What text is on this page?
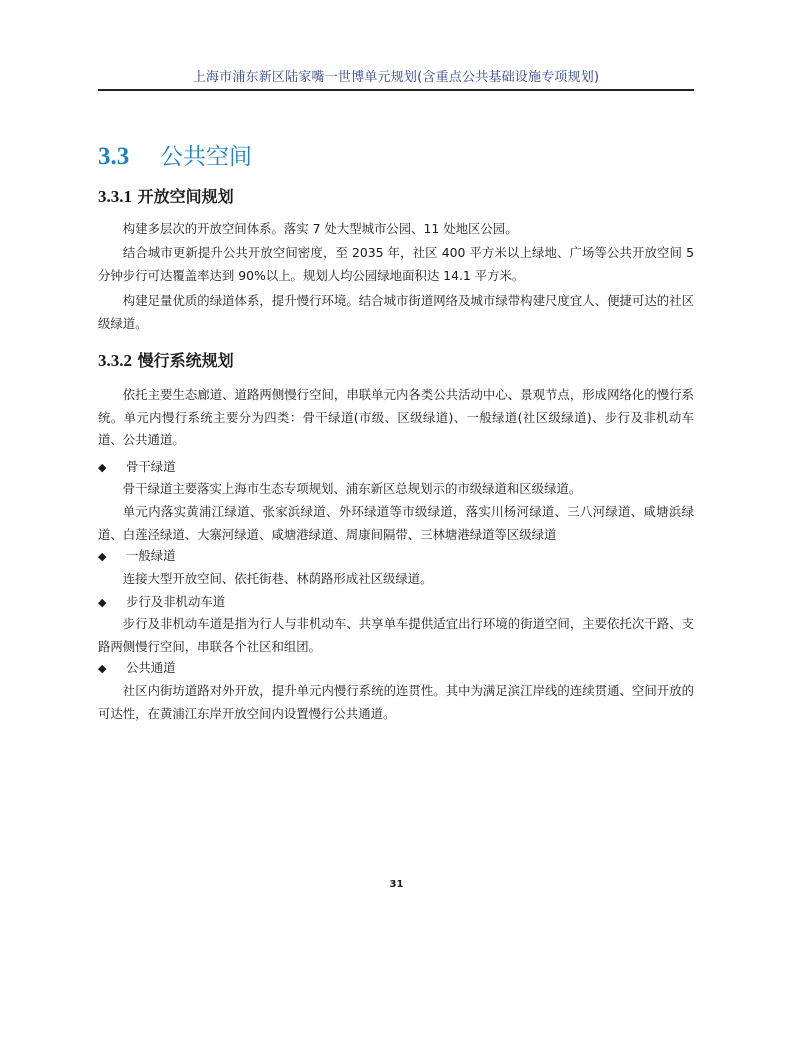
上海市浦东新区陆家嘴一世博单元规划(含重点公共基础设施专项规划)
3.3	公共空间
3.3.1 开放空间规划

构建多层次的开放空间体系。落实 7 处大型城市公园、11 处地区公园。

结合城市更新提升公共开放空间密度，至 2035 年，社区 400 平方米以上绿地、广场等公共开放空间 5 分钟步行可达覆盖率达到 90%以上。规划人均公园绿地面积达 14.1 平方米。

构建足量优质的绿道体系，提升慢行环境。结合城市街道网络及城市绿带构建尺度宜人、便捷可达的社区级绿道。

3.3.2 慢行系统规划

依托主要生态廊道、道路两侧慢行空间，串联单元内各类公共活动中心、景观节点，形成网络化的慢行系统。单元内慢行系统主要分为四类：骨干绿道(市级、区级绿道)、一般绿道(社区级绿道)、步行及非机动车道、公共通道。

◆ 骨干绿道

骨干绿道主要落实上海市生态专项规划、浦东新区总规划示的市级绿道和区级绿道。

单元内落实黄浦江绿道、张家浜绿道、外环绿道等市级绿道，落实川杨河绿道、三八河绿道、咸塘浜绿道、白莲泾绿道、大寨河绿道、咸塘港绿道、周康间隔带、三林塘港绿道等区级绿道

◆ 一般绿道

连接大型开放空间、依托街巷、林荫路形成社区级绿道。

◆ 步行及非机动车道

步行及非机动车道是指为行人与非机动车、共享单车提供适宜出行环境的街道空间，主要依托次干路、支路两侧慢行空间，串联各个社区和组团。

◆ 公共通道

社区内街坊道路对外开放，提升单元内慢行系统的连贯性。其中为满足滨江岸线的连续贯通、空间开放的可达性，在黄浦江东岸开放空间内设置慢行公共通道。

31
